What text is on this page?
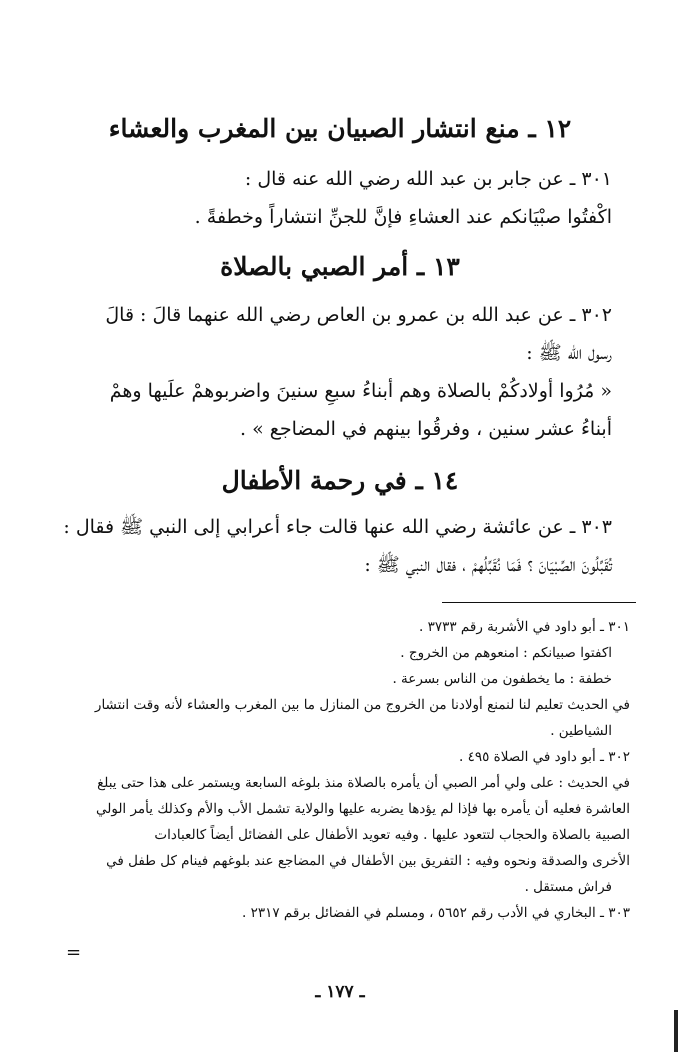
١٢ ـ منع انتشار الصبيان بين المغرب والعشاء
٣٠١ ـ عن جابر بن عبد الله رضي الله عنه قال :
اكْفتُوا صبْيَانكم عند العشاءِ فإنَّ للجنِّ انتشاراً وخطفةً .
١٣ ـ أمر الصبي بالصلاة
٣٠٢ ـ عن عبد الله بن عمرو بن العاص رضي الله عنهما قالَ : قالَ
رسول الله ﷺ :
« مُرُوا أولادكُمْ بالصلاة وهم أبناءُ سبعِ سنينَ واضربوهمْ علَيها وهمْ
أبناءُ عشر سنين ، وفرقُوا بينهم في المضاجع » .
١٤ ـ في رحمة الأطفال
٣٠٣ ـ عن عائشة رضي الله عنها قالت جاء أعرابي إلى النبي ﷺ فقال :
تُقَبِّلُونَ الصِّبْيَانَ ؟ فَمَا نُقَبِّلُهمْ ، فقال النبي ﷺ :
٣٠١ ـ أبو داود في الأشربة رقم ٣٧٣٣ .
اكفتوا صبيانكم : امنعوهم من الخروج .
خطفة : ما يخطفون من الناس بسرعة .
في الحديث تعليم لنا لنمنع أولادنا من الخروج من المنازل ما بين المغرب والعشاء لأنه وقت انتشار
الشياطين .
٣٠٢ ـ أبو داود في الصلاة ٤٩٥ .
في الحديث : على ولي أمر الصبي أن يأمره بالصلاة منذ بلوغه السابعة ويستمر على هذا حتى يبلغ
العاشرة فعليه أن يأمره بها فإذا لم يؤدها يضربه عليها والولاية تشمل الأب والأم وكذلك يأمر الولي
الصبية بالصلاة والحجاب لتتعود عليها . وفيه تعويد الأطفال على الفضائل أيضاً كالعبادات
الأخرى والصدقة ونحوه وفيه : التفريق بين الأطفال في المضاجع عند بلوغهم فينام كل طفل في
فراش مستقل .
٣٠٣ ـ البخاري في الأدب رقم ٥٦٥٢ ، ومسلم في الفضائل برقم ٢٣١٧ .
=
ـ ١٧٧ ـ
